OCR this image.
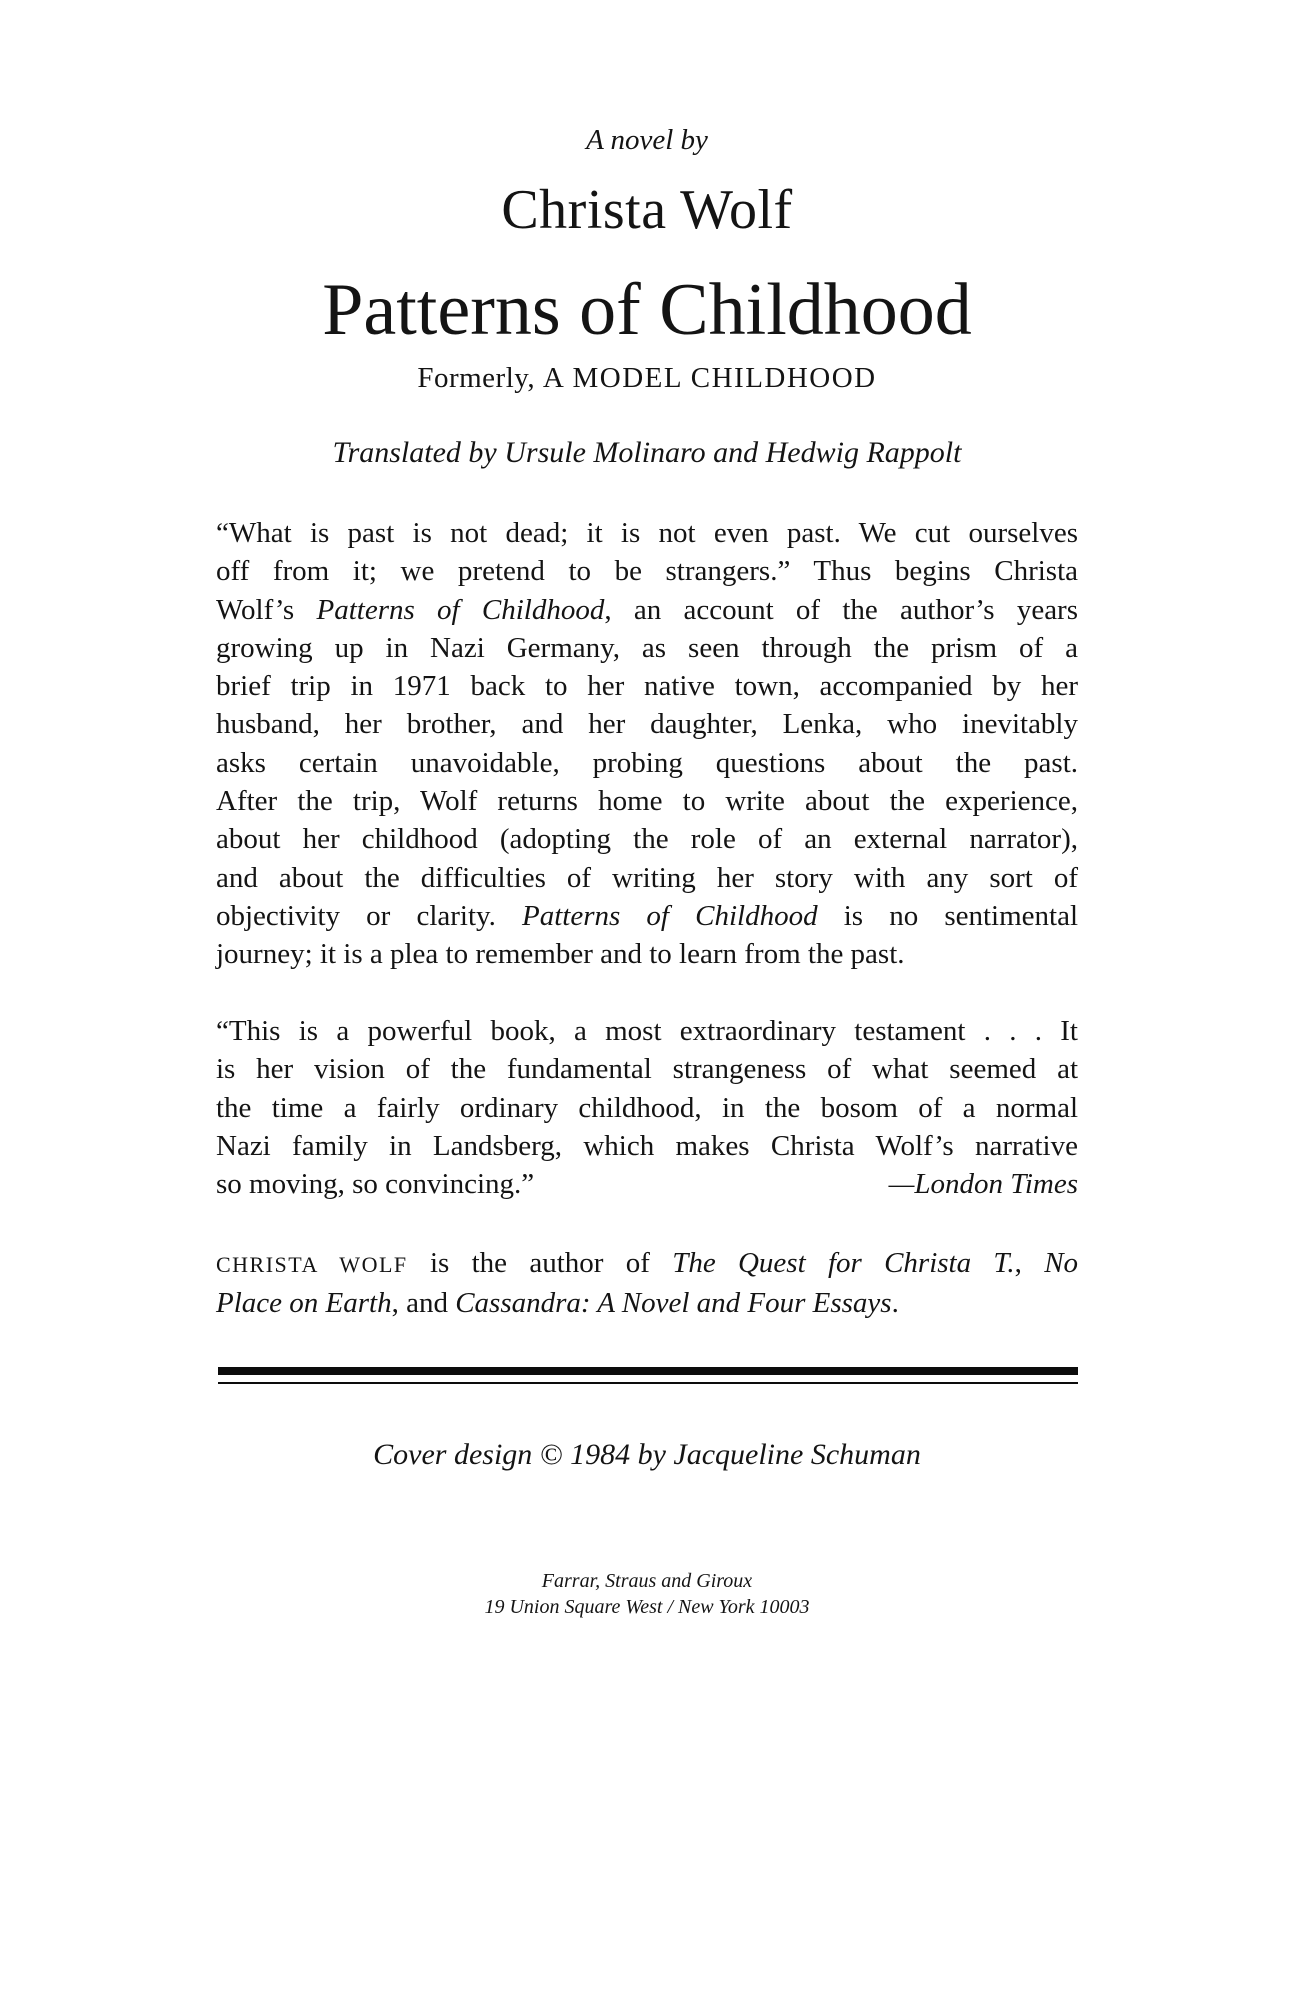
A novel by

Christa Wolf

Patterns of Childhood

Formerly, A MODEL CHILDHOOD

Translated by Ursule Molinaro and Hedwig Rappolt

“What is past is not dead; it is not even past. We cut ourselves
off from it; we pretend to be strangers.” Thus begins Christa
Wolf’s Patterns of Childhood, an account of the author’s years
growing up in Nazi Germany, as seen through the prism of a
brief trip in 1971 back to her native town, accompanied by her
husband, her brother, and her daughter, Lenka, who inevitably
asks certain unavoidable, probing questions about the past.
After the trip, Wolf returns home to write about the experience,
about her childhood (adopting the role of an external narrator),
and about the difficulties of writing her story with any sort of
objectivity or clarity. Patterns of Childhood is no sentimental
journey; it is a plea to remember and to learn from the past.
“This is a powerful book, a most extraordinary testament . . . It
is her vision of the fundamental strangeness of what seemed at
the time a fairly ordinary childhood, in the bosom of a normal
Nazi family in Landsberg, which makes Christa Wolf’s narrative
so moving, so convincing.”	—London Times
CHRISTA WOLF is the author of The Quest for Christa T., No
Place on Earth, and Cassandra: A Novel and Four Essays.

Cover design © 1984 by Jacqueline Schuman

Farrar, Straus and Giroux

19 Union Square West / New York 10003
